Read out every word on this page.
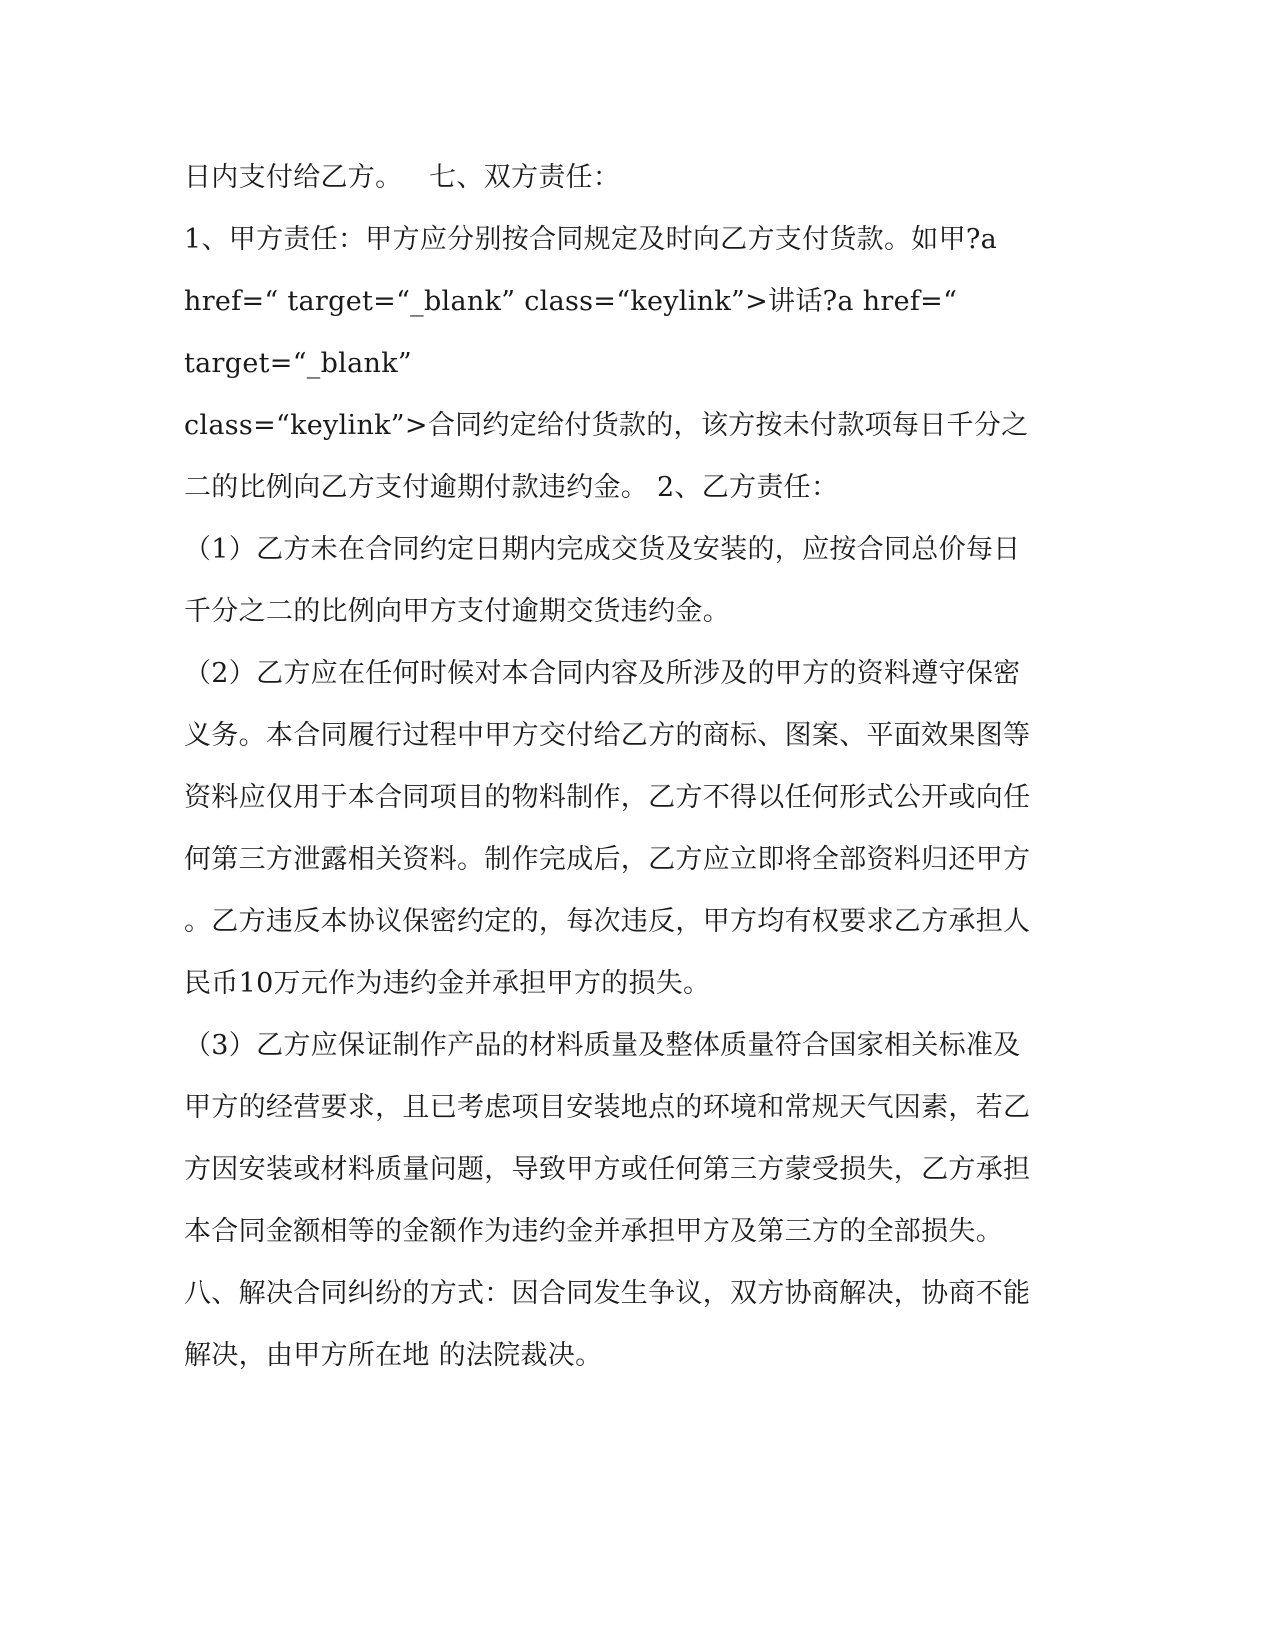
日内支付给乙方。   七、双方责任：

1、甲方责任：甲方应分别按合同规定及时向乙方支付货款。如甲?a

href=“ target=“_blank” class=“keylink”>讲话?a href=“

target=“_blank”

class=“keylink”>合同约定给付货款的，该方按未付款项每日千分之

二的比例向乙方支付逾期付款违约金。 2、乙方责任：

（1）乙方未在合同约定日期内完成交货及安装的，应按合同总价每日

千分之二的比例向甲方支付逾期交货违约金。

（2）乙方应在任何时候对本合同内容及所涉及的甲方的资料遵守保密

义务。本合同履行过程中甲方交付给乙方的商标、图案、平面效果图等

资料应仅用于本合同项目的物料制作，乙方不得以任何形式公开或向任

何第三方泄露相关资料。制作完成后，乙方应立即将全部资料归还甲方

。乙方违反本协议保密约定的，每次违反，甲方均有权要求乙方承担人

民币10万元作为违约金并承担甲方的损失。

（3）乙方应保证制作产品的材料质量及整体质量符合国家相关标准及

甲方的经营要求，且已考虑项目安装地点的环境和常规天气因素，若乙

方因安装或材料质量问题，导致甲方或任何第三方蒙受损失，乙方承担

本合同金额相等的金额作为违约金并承担甲方及第三方的全部损失。

八、解决合同纠纷的方式：因合同发生争议，双方协商解决，协商不能

解决，由甲方所在地 的法院裁决。
